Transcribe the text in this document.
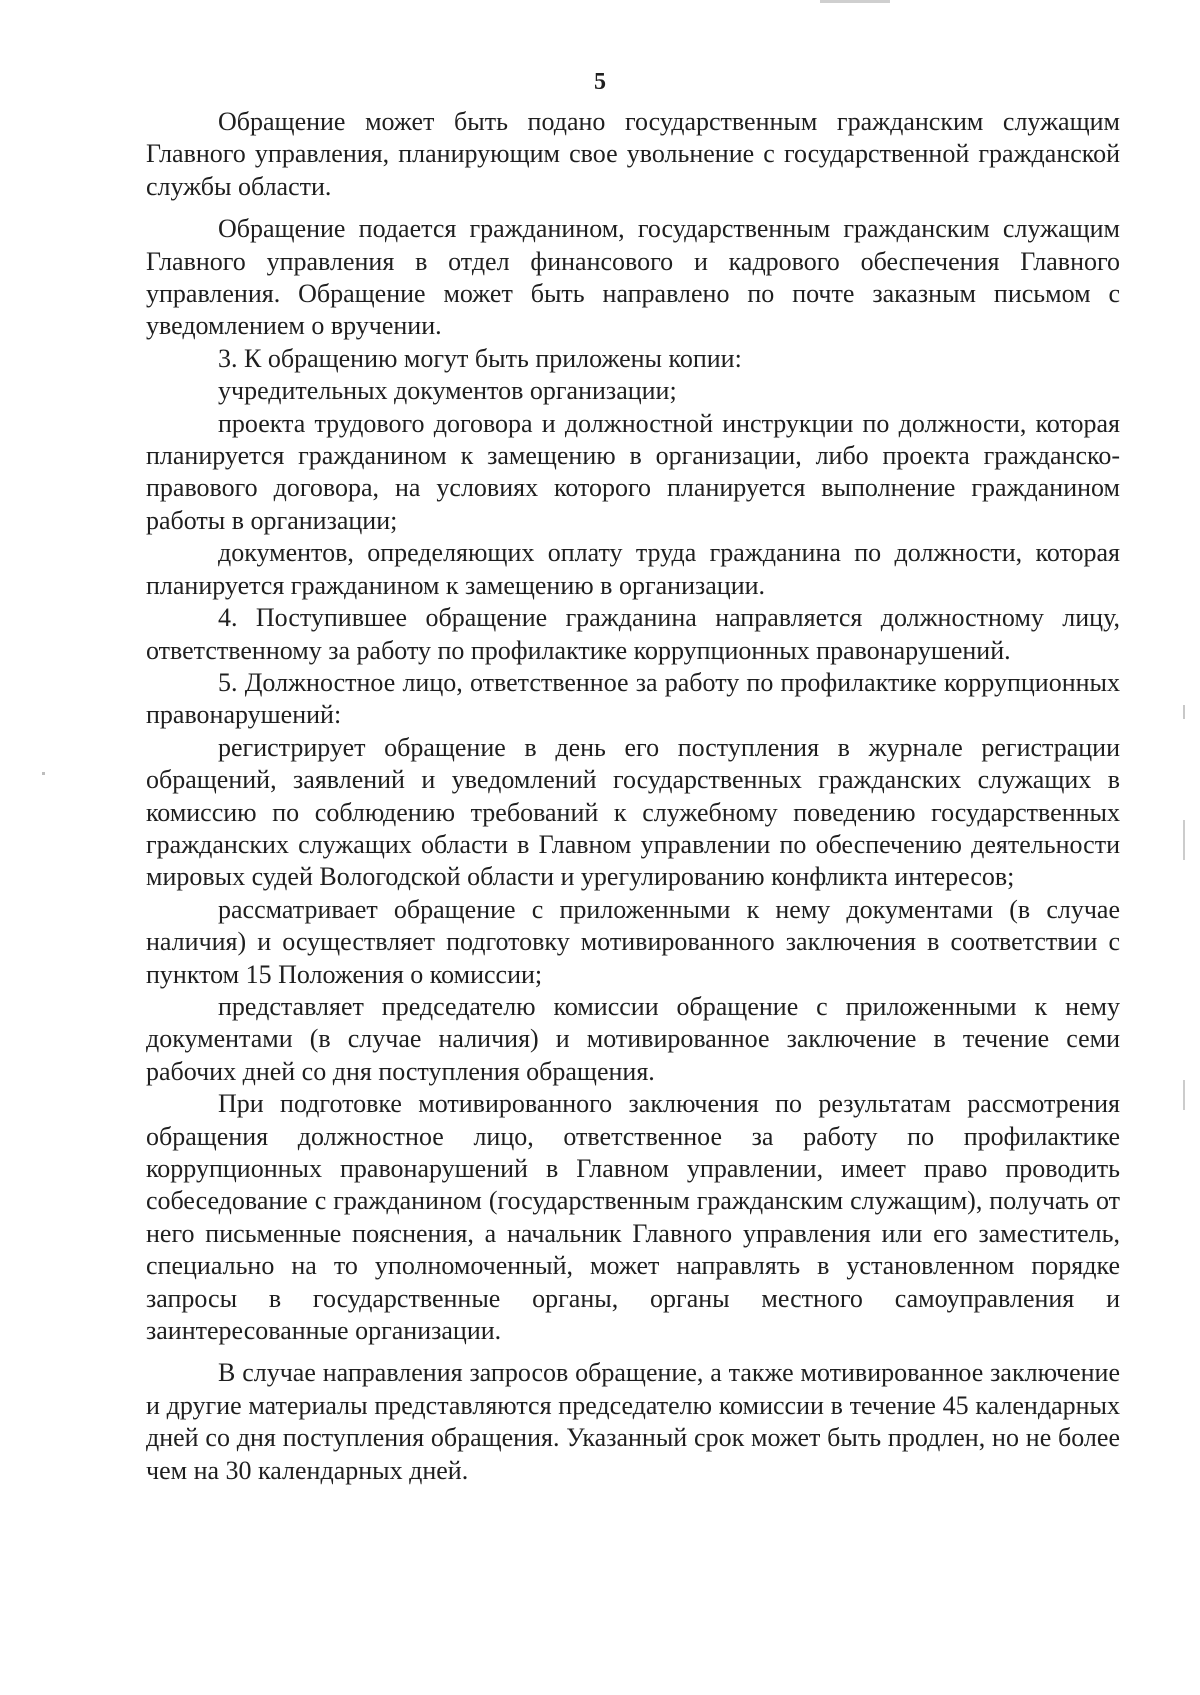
5

Обращение может быть подано государственным гражданским служащим Главного управления, планирующим свое увольнение с государственной гражданской службы области.

Обращение подается гражданином, государственным гражданским служащим Главного управления в отдел финансового и кадрового обеспечения Главного управления. Обращение может быть направлено по почте заказным письмом с уведомлением о вручении.

3. К обращению могут быть приложены копии:

учредительных документов организации;

проекта трудового договора и должностной инструкции по должности, которая планируется гражданином к замещению в организации, либо проекта гражданско-правового договора, на условиях которого планируется выполнение гражданином работы в организации;

документов, определяющих оплату труда гражданина по должности, которая планируется гражданином к замещению в организации.

4. Поступившее обращение гражданина направляется должностному лицу, ответственному за работу по профилактике коррупционных правонарушений.

5. Должностное лицо, ответственное за работу по профилактике коррупционных правонарушений:

регистрирует обращение в день его поступления в журнале регистрации обращений, заявлений и уведомлений государственных гражданских служащих в комиссию по соблюдению требований к служебному поведению государственных гражданских служащих области в Главном управлении по обеспечению деятельности мировых судей Вологодской области и урегулированию конфликта интересов;

рассматривает обращение с приложенными к нему документами (в случае наличия) и осуществляет подготовку мотивированного заключения в соответствии с пунктом 15 Положения о комиссии;

представляет председателю комиссии обращение с приложенными к нему документами (в случае наличия) и мотивированное заключение в течение семи рабочих дней со дня поступления обращения.

При подготовке мотивированного заключения по результатам рассмотрения обращения должностное лицо, ответственное за работу по профилактике коррупционных правонарушений в Главном управлении, имеет право проводить собеседование с гражданином (государственным гражданским служащим), получать от него письменные пояснения, а начальник Главного управления или его заместитель, специально на то уполномоченный, может направлять в установленном порядке запросы в государственные органы, органы местного самоуправления и заинтересованные организации.

В случае направления запросов обращение, а также мотивированное заключение и другие материалы представляются председателю комиссии в течение 45 календарных дней со дня поступления обращения. Указанный срок может быть продлен, но не более чем на 30 календарных дней.
